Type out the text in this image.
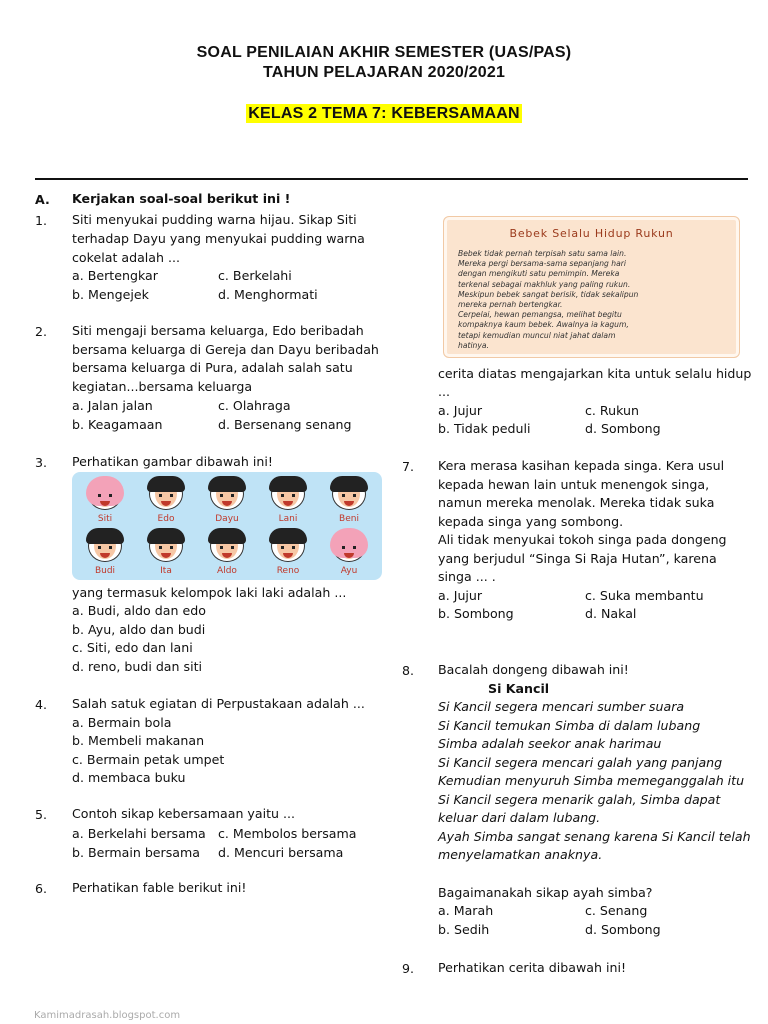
SOAL PENILAIAN AKHIR SEMESTER (UAS/PAS)
TAHUN PELAJARAN 2020/2021
KELAS 2 TEMA 7: KEBERSAMAAN
A. Kerjakan soal-soal berikut ini !
1. Siti menyukai pudding warna hijau. Sikap Siti
terhadap Dayu yang menyukai pudding warna
cokelat adalah ...
a. Bertengkar	c. Berkelahi
b. Mengejek	d. Menghormati
2. Siti mengaji bersama keluarga, Edo beribadah
bersama keluarga di Gereja dan Dayu beribadah
bersama keluarga di Pura, adalah salah satu
kegiatan...bersama keluarga
a. Jalan jalan	c. Olahraga
b. Keagamaan	d. Bersenang senang
3. Perhatikan gambar dibawah ini!
Siti	Edo	Dayu	Lani	Beni
Budi	Ita	Aldo	Reno	Ayu
yang termasuk kelompok laki laki adalah ...
a. Budi, aldo dan edo
b. Ayu, aldo dan budi
c. Siti, edo dan lani
d. reno, budi dan siti
4. Salah satuk egiatan di Perpustakaan adalah ...
a. Bermain bola
b. Membeli makanan
c. Bermain petak umpet
d. membaca buku
5. Contoh sikap kebersamaan yaitu ...
a. Berkelahi bersama c. Membolos bersama
b. Bermain bersama d. Mencuri bersama
6. Perhatikan fable berikut ini!
Bebek Selalu Hidup Rukun
Bebek tidak pernah terpisah satu sama lain.
Mereka pergi bersama-sama sepanjang hari
dengan mengikuti satu pemimpin. Mereka
terkenal sebagai makhluk yang paling rukun.
Meskipun bebek sangat berisik, tidak sekalipun
mereka pernah bertengkar.
Cerpelai, hewan pemangsa, melihat begitu
kompaknya kaum bebek. Awalnya ia kagum,
tetapi kemudian muncul niat jahat dalam
hatinya.
cerita diatas mengajarkan kita untuk selalu hidup
...
a. Jujur	c. Rukun
b. Tidak peduli	d. Sombong
7. Kera merasa kasihan kepada singa. Kera usul
kepada hewan lain untuk menengok singa,
namun mereka menolak. Mereka tidak suka
kepada singa yang sombong.
Ali tidak menyukai tokoh singa pada dongeng
yang berjudul “Singa Si Raja Hutan”, karena
singa ... .
a. Jujur	c. Suka membantu
b. Sombong	d. Nakal
8. Bacalah dongeng dibawah ini!
Si Kancil
Si Kancil segera mencari sumber suara
Si Kancil temukan Simba di dalam lubang
Simba adalah seekor anak harimau
Si Kancil segera mencari galah yang panjang
Kemudian menyuruh Simba memeganggalah itu
Si Kancil segera menarik galah, Simba dapat
keluar dari dalam lubang.
Ayah Simba sangat senang karena Si Kancil telah
menyelamatkan anaknya.
Bagaimanakah sikap ayah simba?
a. Marah	c. Senang
b. Sedih	d. Sombong
9. Perhatikan cerita dibawah ini!
Kamimadrasah.blogspot.com
